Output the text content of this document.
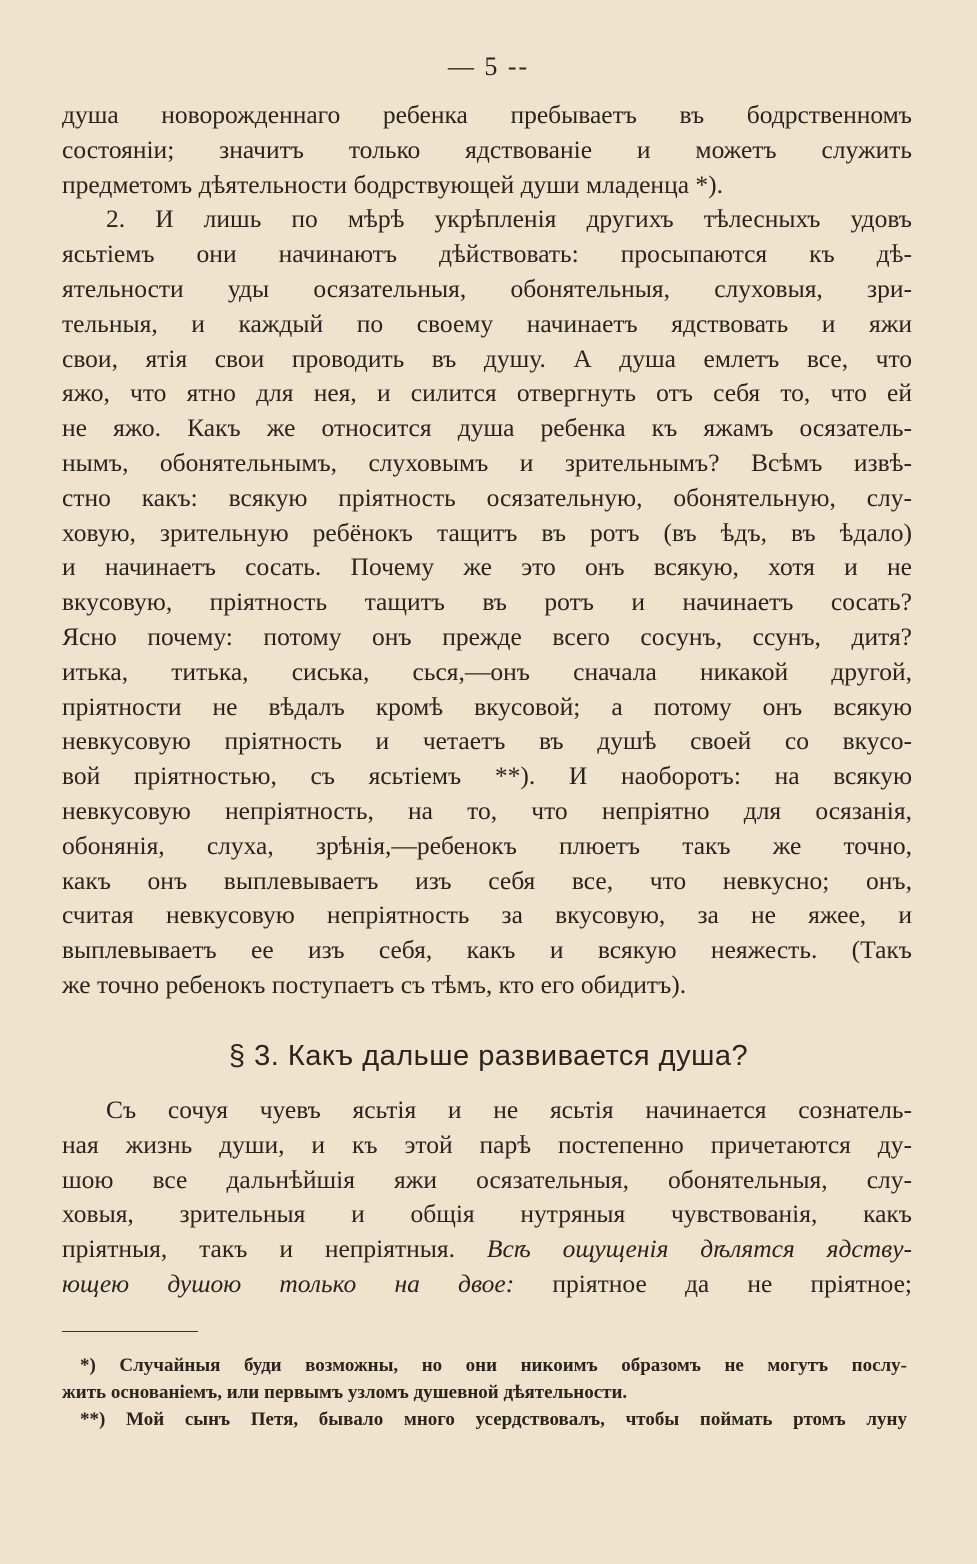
— 5 --
душа новорожденнаго ребенка пребываетъ въ бодрственномъ
состояніи; значитъ только ядствованіе и можетъ служить
предметомъ дѣятельности бодрствующей души младенца *).
2. И лишь по мѣрѣ укрѣпленія другихъ тѣлесныхъ удовъ
ясьтіемъ они начинаютъ дѣйствовать: просыпаются къ дѣ-
ятельности уды осязательныя, обонятельныя, слуховыя, зри-
тельныя, и каждый по своему начинаетъ ядствовать и яжи
свои, ятія свои проводить въ душу. А душа емлетъ все, что
яжо, что ятно для нея, и силится отвергнуть отъ себя то, что ей
не яжо. Какъ же относится душа ребенка къ яжамъ осязатель-
нымъ, обонятельнымъ, слуховымъ и зрительнымъ? Всѣмъ извѣ-
стно какъ: всякую пріятность осязательную, обонятельную, слу-
ховую, зрительную ребёнокъ тащитъ въ ротъ (въ ѣдъ, въ ѣдало)
и начинаетъ сосать. Почему же это онъ всякую, хотя и не
вкусовую, пріятность тащитъ въ ротъ и начинаетъ сосать?
Ясно почему: потому онъ прежде всего сосунъ, ссунъ, дитя?
итька, титька, сиська, сься,—онъ сначала никакой другой,
пріятности не вѣдалъ кромѣ вкусовой; а потому онъ всякую
невкусовую пріятность и четаетъ въ душѣ своей со вкусо-
вой пріятностью, съ ясьтіемъ **). И наоборотъ: на всякую
невкусовую непріятность, на то, что непріятно для осязанія,
обонянія, слуха, зрѣнія,—ребенокъ плюетъ такъ же точно,
какъ онъ выплевываетъ изъ себя все, что невкусно; онъ,
считая невкусовую непріятность за вкусовую, за не яжее, и
выплевываетъ ее изъ себя, какъ и всякую неяжесть. (Такъ
же точно ребенокъ поступаетъ съ тѣмъ, кто его обидитъ).
§ 3. Какъ дальше развивается душа?
Съ сочуя чуевъ ясьтія и не ясьтія начинается сознатель-
ная жизнь души, и къ этой парѣ постепенно причетаются ду-
шою все дальнѣйшія яжи осязательныя, обонятельныя, слу-
ховыя, зрительныя и общія нутряныя чувствованія, какъ
пріятныя, такъ и непріятныя. Всѣ ощущенія дѣлятся ядству-
ющею душою только на двое: пріятное да не пріятное;
*) Случайныя буди возможны, но они никоимъ образомъ не могутъ послу-
жить основаніемъ, или первымъ узломъ душевной дѣятельности.
**) Мой сынъ Петя, бывало много усердствовалъ, чтобы поймать ртомъ луну
